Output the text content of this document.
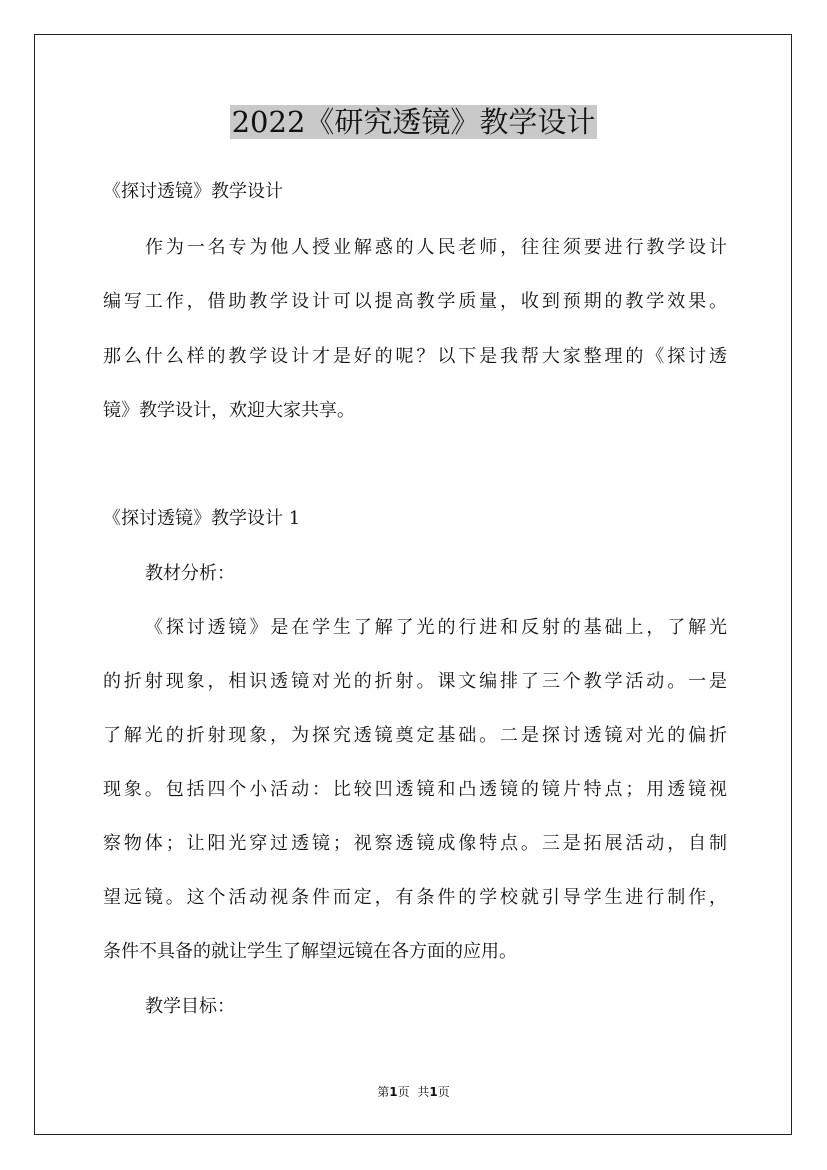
2022《研究透镜》教学设计
《探讨透镜》教学设计
作为一名专为他人授业解惑的人民老师，往往须要进行教学设计
编写工作，借助教学设计可以提高教学质量，收到预期的教学效果。
那么什么样的教学设计才是好的呢？以下是我帮大家整理的《探讨透
镜》教学设计，欢迎大家共享。
《探讨透镜》教学设计 1
教材分析：
《探讨透镜》是在学生了解了光的行进和反射的基础上，了解光
的折射现象，相识透镜对光的折射。课文编排了三个教学活动。一是
了解光的折射现象，为探究透镜奠定基础。二是探讨透镜对光的偏折
现象。包括四个小活动：比较凹透镜和凸透镜的镜片特点；用透镜视
察物体；让阳光穿过透镜；视察透镜成像特点。三是拓展活动，自制
望远镜。这个活动视条件而定，有条件的学校就引导学生进行制作，
条件不具备的就让学生了解望远镜在各方面的应用。
教学目标：
第1页 共1页
